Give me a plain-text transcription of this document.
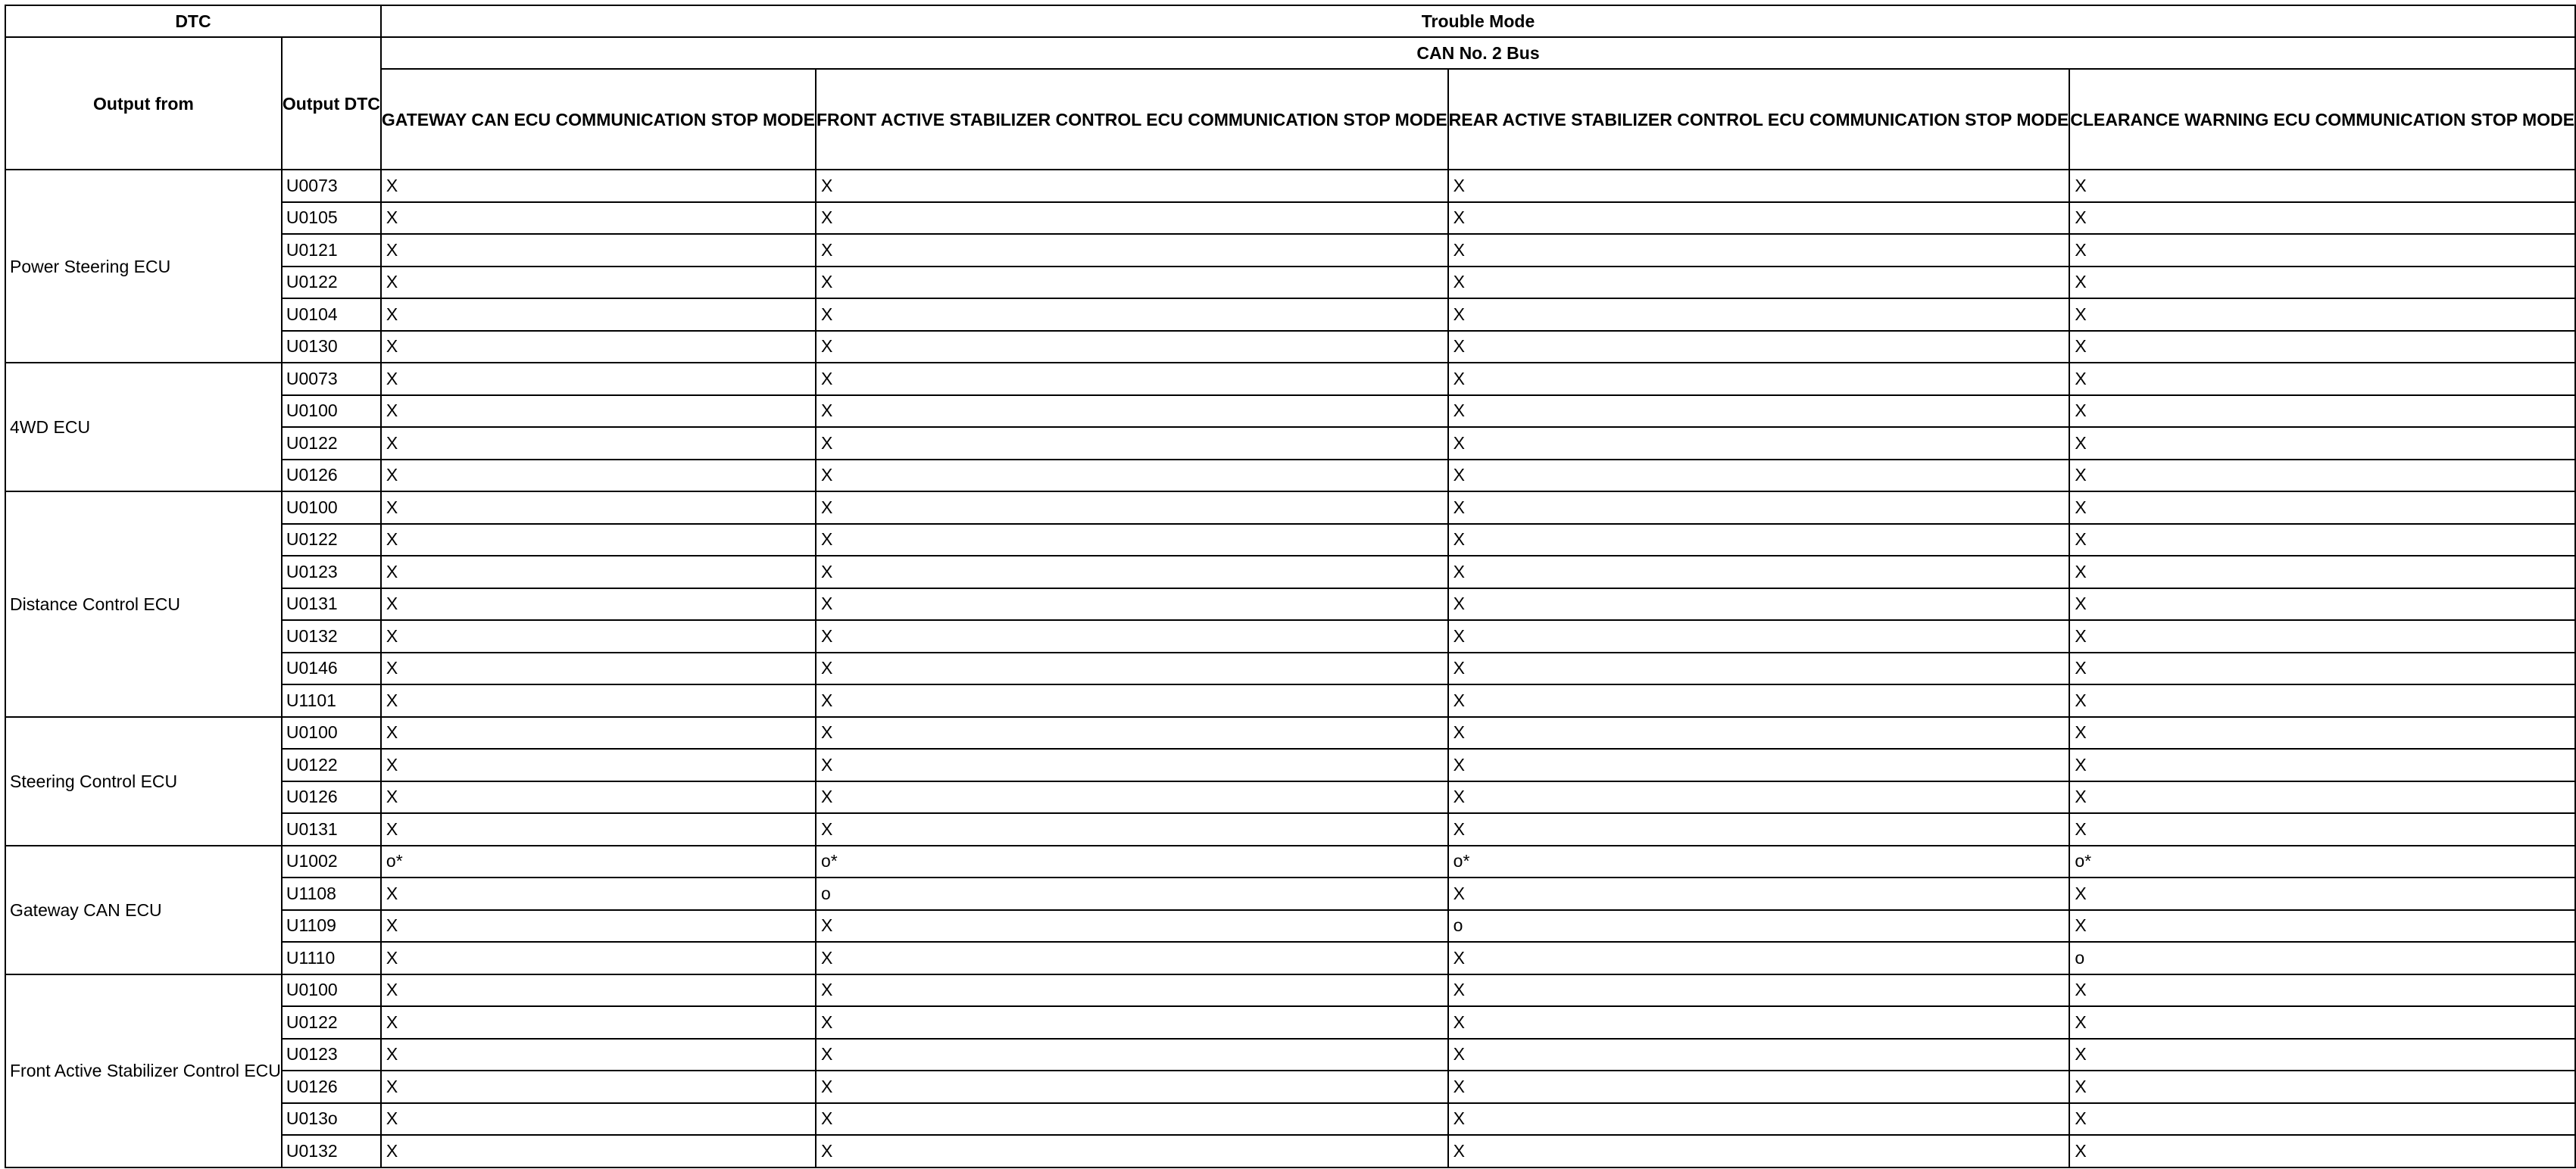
DTC		Trouble Mode			
Output from	Output DTC	CAN No. 2 Bus			
		GATEWAY CAN ECU COMMUNICATION STOP MODE	FRONT ACTIVE STABILIZER CONTROL ECU COMMUNICATION STOP MODE	REAR ACTIVE STABILIZER CONTROL ECU COMMUNICATION STOP MODE	CLEARANCE WARNING ECU COMMUNICATION STOP MODE
Power Steering ECU	U0073	X	X	X	X
	U0105	X	X	X	X
	U0121	X	X	X	X
	U0122	X	X	X	X
	U0104	X	X	X	X
	U0130	X	X	X	X
4WD ECU	U0073	X	X	X	X
	U0100	X	X	X	X
	U0122	X	X	X	X
	U0126	X	X	X	X
Distance Control ECU	U0100	X	X	X	X
	U0122	X	X	X	X
	U0123	X	X	X	X
	U0131	X	X	X	X
	U0132	X	X	X	X
	U0146	X	X	X	X
	U1101	X	X	X	X
Steering Control ECU	U0100	X	X	X	X
	U0122	X	X	X	X
	U0126	X	X	X	X
	U0131	X	X	X	X
Gateway CAN ECU	U1002	o*	o*	o*	o*
	U1108	X	o	X	X
	U1109	X	X	o	X
	U1110	X	X	X	o
Front Active Stabilizer Control ECU	U0100	X	X	X	X
	U0122	X	X	X	X
	U0123	X	X	X	X
	U0126	X	X	X	X
	U013o	X	X	X	X
	U0132	X	X	X	X
